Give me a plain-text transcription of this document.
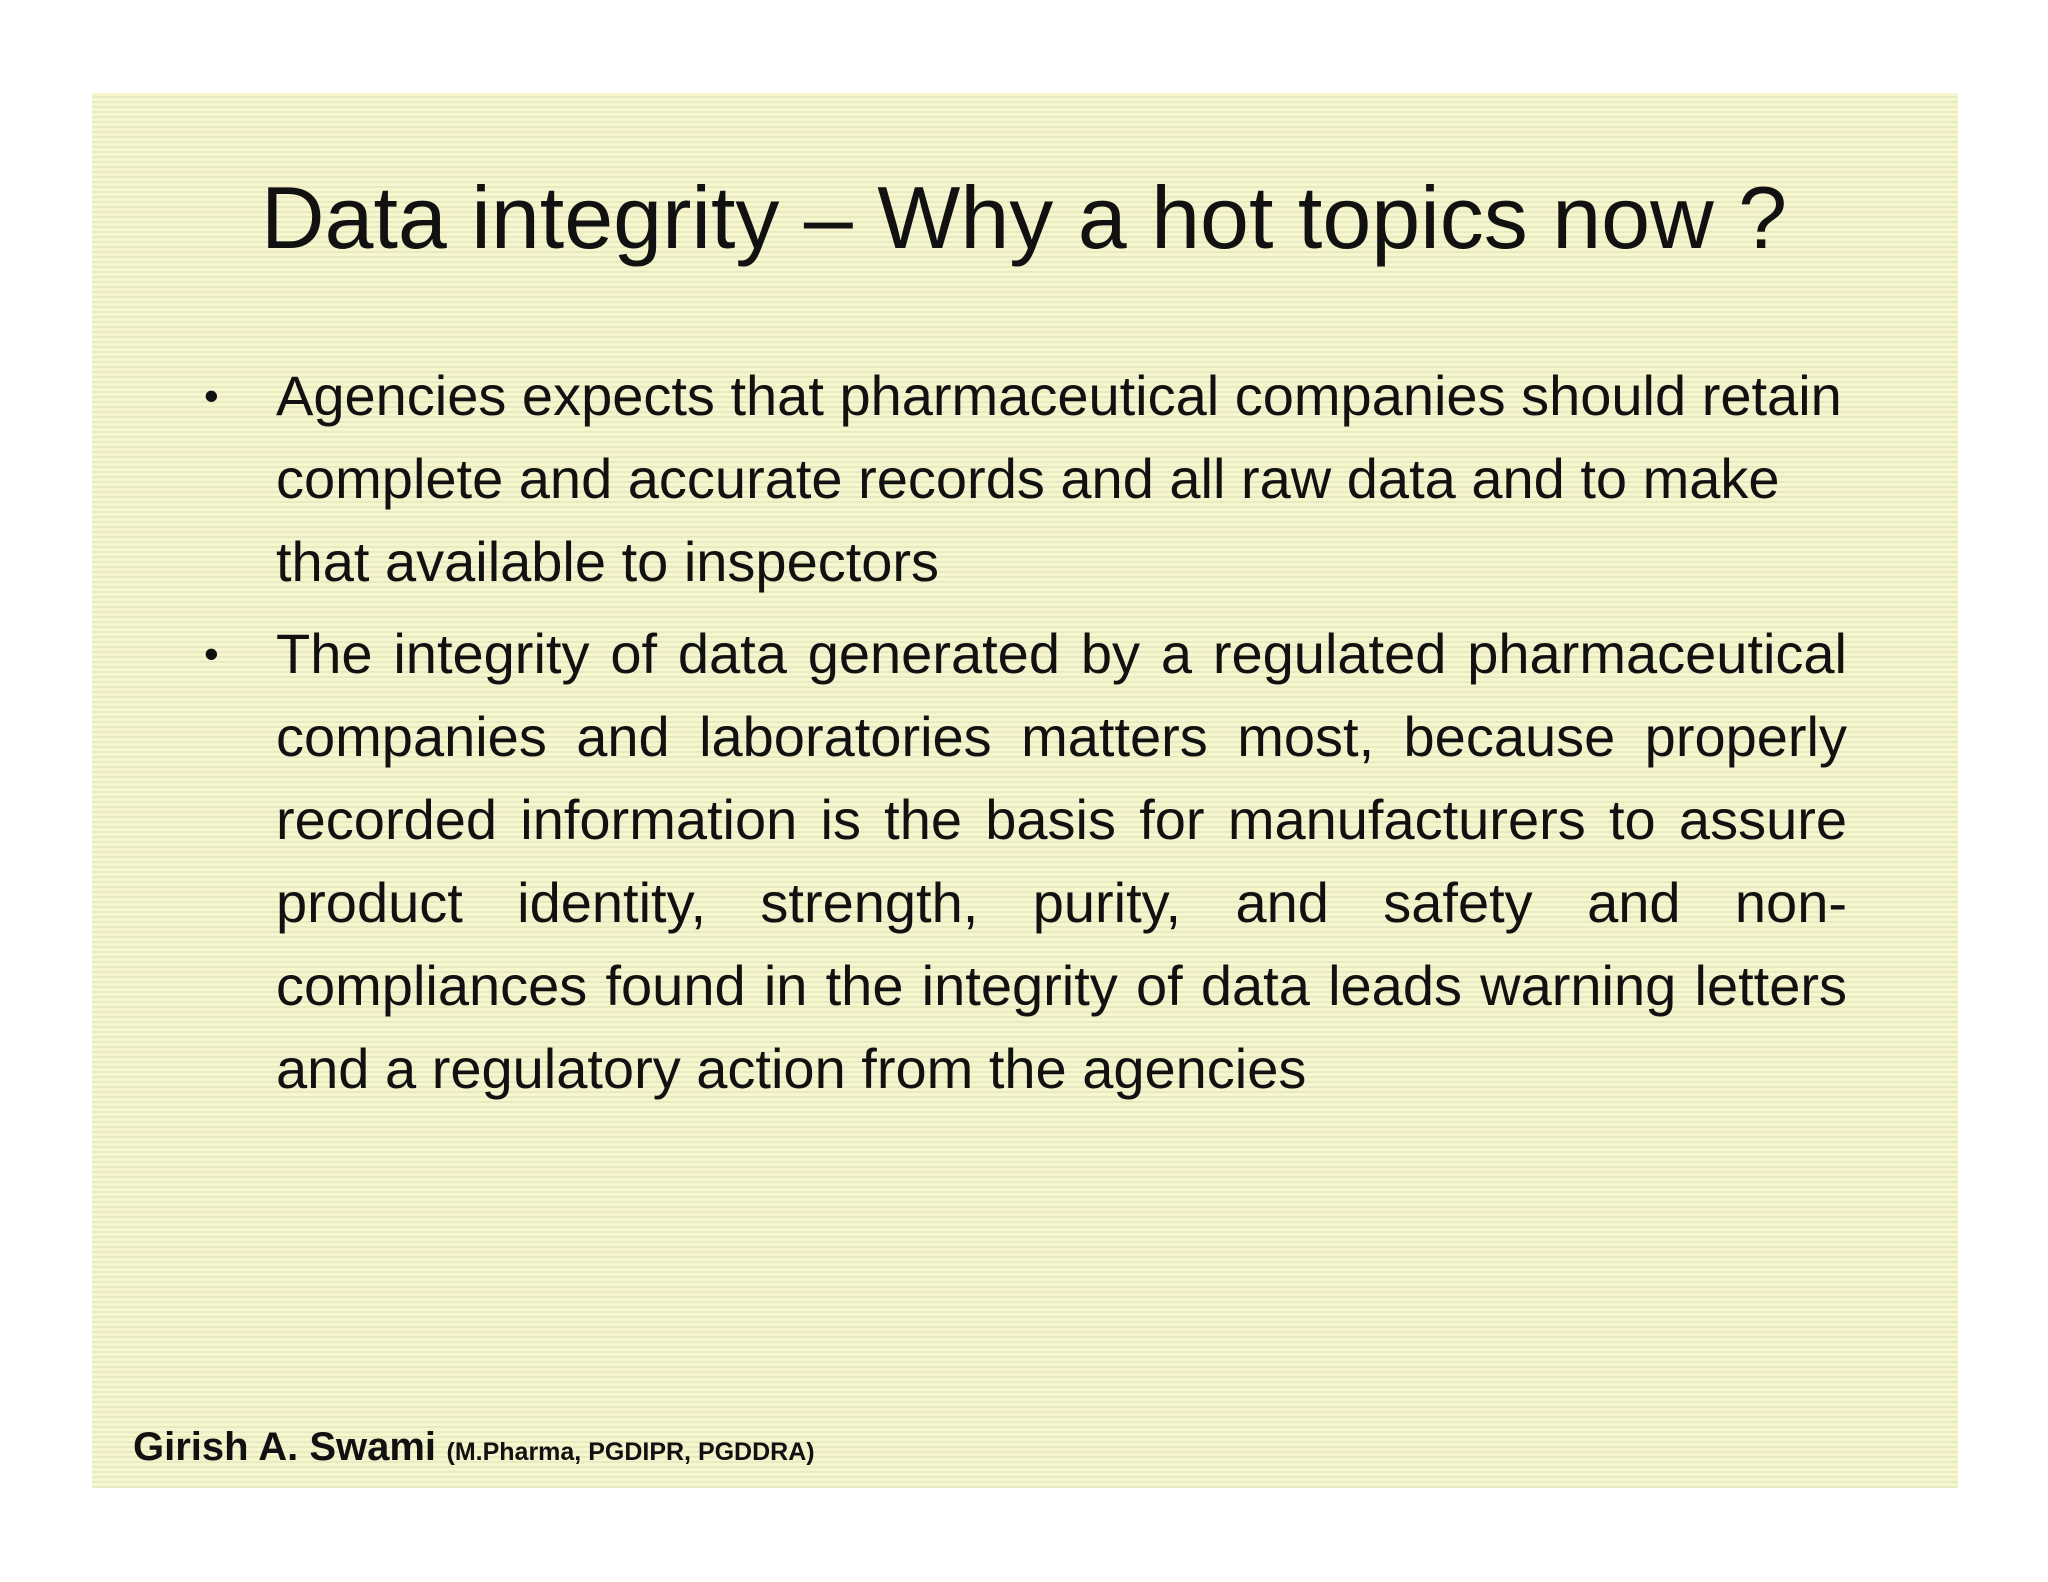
Data integrity – Why a hot topics now ?
• Agencies expects that pharmaceutical companies should retain complete and accurate records and all raw data and to make that available to inspectors
• The integrity of data generated by a regulated pharmaceutical companies and laboratories matters most, because properly recorded information is the basis for manufacturers to assure product identity, strength, purity, and safety and non-compliances found in the integrity of data leads warning letters and a regulatory action from the agencies
Girish A. Swami (M.Pharma, PGDIPR, PGDDRA)
